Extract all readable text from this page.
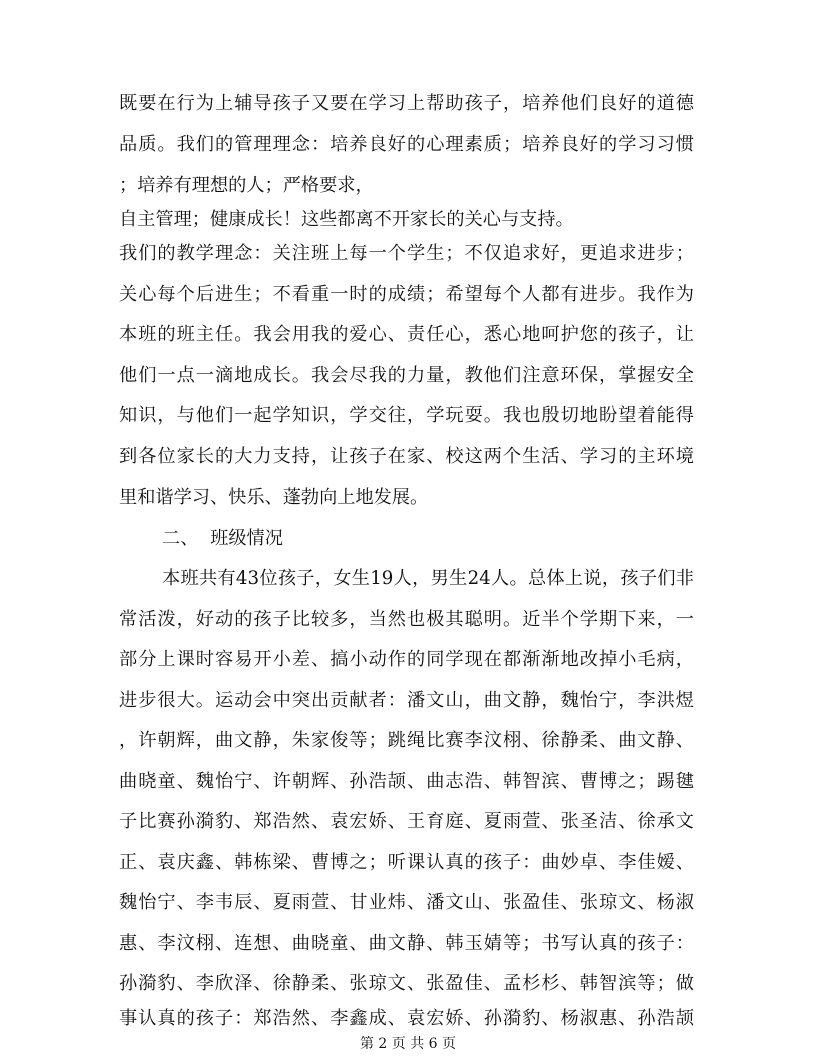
既要在行为上辅导孩子又要在学习上帮助孩子，培养他们良好的道德
品质。我们的管理理念：培养良好的心理素质；培养良好的学习习惯
；培养有理想的人；严格要求，
自主管理；健康成长！这些都离不开家长的关心与支持。
我们的教学理念：关注班上每一个学生；不仅追求好，更追求进步；
关心每个后进生；不看重一时的成绩；希望每个人都有进步。我作为
本班的班主任。我会用我的爱心、责任心，悉心地呵护您的孩子，让
他们一点一滴地成长。我会尽我的力量，教他们注意环保，掌握安全
知识，与他们一起学知识，学交往，学玩耍。我也殷切地盼望着能得
到各位家长的大力支持，让孩子在家、校这两个生活、学习的主环境
里和谐学习、快乐、蓬勃向上地发展。
二、 班级情况
本班共有43位孩子，女生19人，男生24人。总体上说，孩子们非
常活泼，好动的孩子比较多，当然也极其聪明。近半个学期下来，一
部分上课时容易开小差、搞小动作的同学现在都渐渐地改掉小毛病，
进步很大。运动会中突出贡献者：潘文山，曲文静，魏怡宁，李洪煜
，许朝辉，曲文静，朱家俊等；跳绳比赛李汶栩、徐静柔、曲文静、
曲晓童、魏怡宁、许朝辉、孙浩颉、曲志浩、韩智滨、曹博之；踢毽
子比赛孙漪豹、郑浩然、袁宏娇、王育庭、夏雨萱、张圣洁、徐承文
正、袁庆鑫、韩栋梁、曹博之；听课认真的孩子：曲妙卓、李佳嫒、
魏怡宁、李韦辰、夏雨萱、甘业炜、潘文山、张盈佳、张琼文、杨淑
惠、李汶栩、连想、曲晓童、曲文静、韩玉婧等；书写认真的孩子：
孙漪豹、李欣泽、徐静柔、张琼文、张盈佳、孟杉杉、韩智滨等；做
第 2 页 共 6 页
事认真的孩子：郑浩然、李鑫成、袁宏娇、孙漪豹、杨淑惠、孙浩颉
